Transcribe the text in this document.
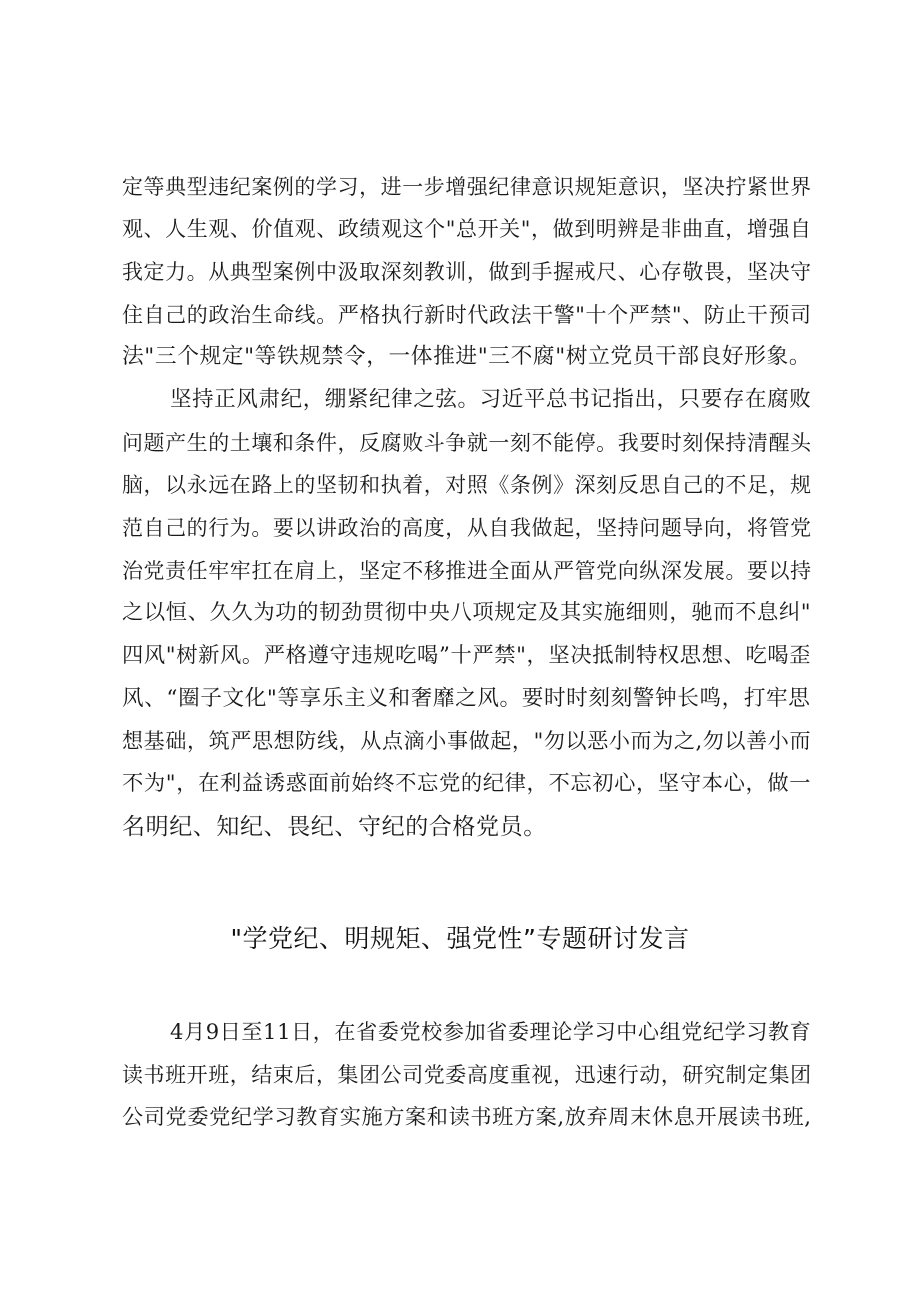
定等典型违纪案例的学习，进一步增强纪律意识规矩意识，坚决拧紧世界
观、人生观、价值观、政绩观这个"总开关"，做到明辨是非曲直，增强自
我定力。从典型案例中汲取深刻教训，做到手握戒尺、心存敬畏，坚决守
住自己的政治生命线。严格执行新时代政法干警"十个严禁"、防止干预司
法"三个规定"等铁规禁令，一体推进"三不腐"树立党员干部良好形象。
坚持正风肃纪，绷紧纪律之弦。习近平总书记指出，只要存在腐败
问题产生的土壤和条件，反腐败斗争就一刻不能停。我要时刻保持清醒头
脑，以永远在路上的坚韧和执着，对照《条例》深刻反思自己的不足，规
范自己的行为。要以讲政治的高度，从自我做起，坚持问题导向，将管党
治党责任牢牢扛在肩上，坚定不移推进全面从严管党向纵深发展。要以持
之以恒、久久为功的韧劲贯彻中央八项规定及其实施细则，驰而不息纠"
四风"树新风。严格遵守违规吃喝”十严禁"，坚决抵制特权思想、吃喝歪
风、“圈子文化"等享乐主义和奢靡之风。要时时刻刻警钟长鸣，打牢思
想基础，筑严思想防线，从点滴小事做起，"勿以恶小而为之,勿以善小而
不为"，在利益诱惑面前始终不忘党的纪律，不忘初心，坚守本心，做一
名明纪、知纪、畏纪、守纪的合格党员。
"学党纪、明规矩、强党性”专题研讨发言
4月9日至11日，在省委党校参加省委理论学习中心组党纪学习教育
读书班开班，结束后，集团公司党委高度重视，迅速行动，研究制定集团
公司党委党纪学习教育实施方案和读书班方案,放弃周末休息开展读书班,
